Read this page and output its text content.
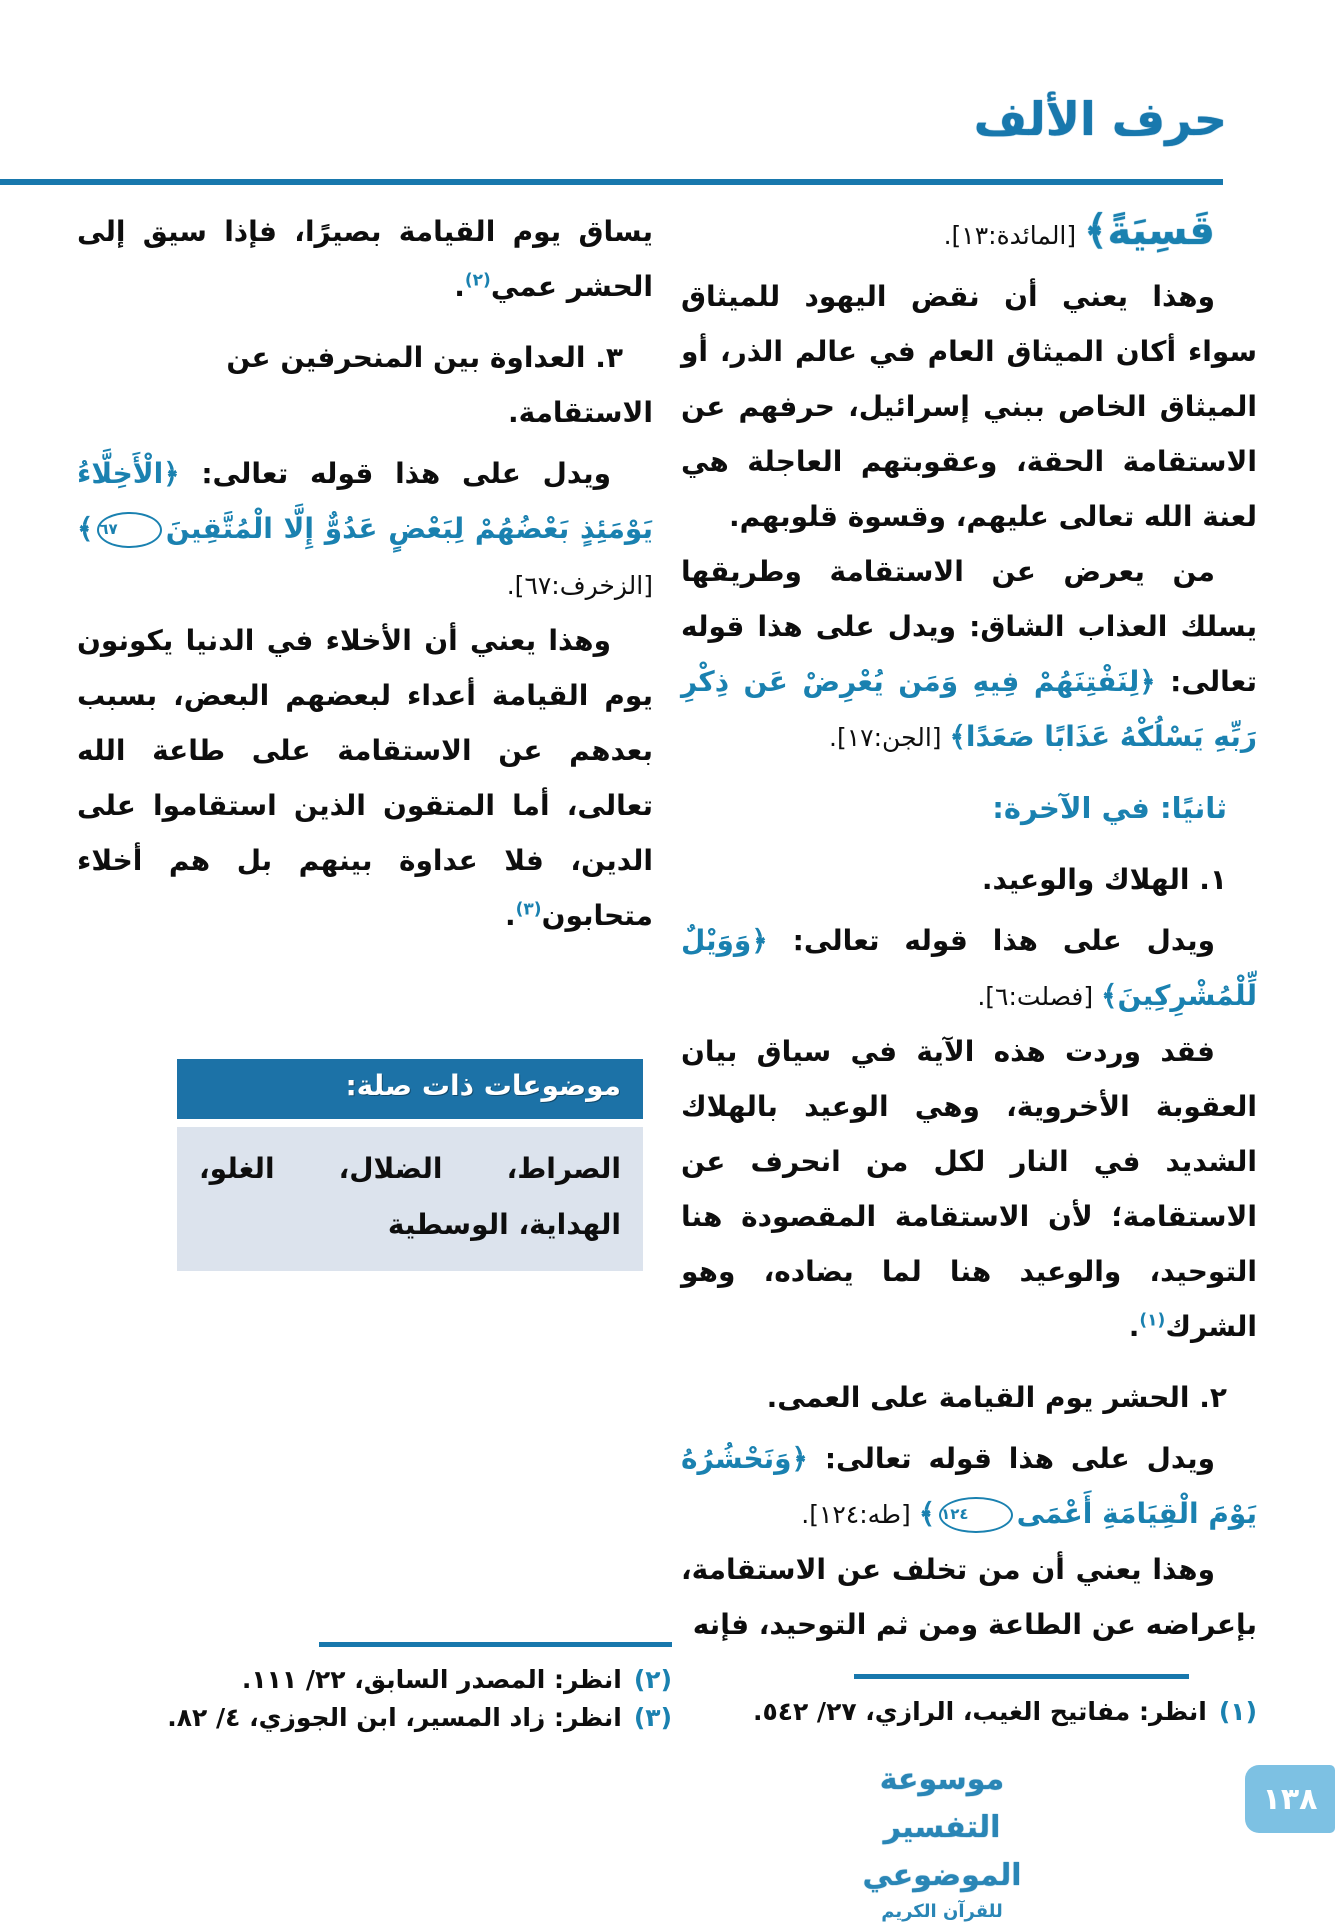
حرف الألف

قَسِيَةً﴾ [المائدة:١٣].

وهذا يعني أن نقض اليهود للميثاق سواء أكان الميثاق العام في عالم الذر، أو الميثاق الخاص ببني إسرائيل، حرفهم عن الاستقامة الحقة، وعقوبتهم العاجلة هي لعنة الله تعالى عليهم، وقسوة قلوبهم.

من يعرض عن الاستقامة وطريقها يسلك العذاب الشاق: ويدل على هذا قوله تعالى: ﴿لِنَفْتِنَهُمْ فِيهِ وَمَن يُعْرِضْ عَن ذِكْرِ رَبِّهِ يَسْلُكْهُ عَذَابًا صَعَدًا﴾ [الجن:١٧].

ثانيًا: في الآخرة:

١. الهلاك والوعيد.

ويدل على هذا قوله تعالى: ﴿وَوَيْلٌ لِّلْمُشْرِكِينَ﴾ [فصلت:٦].

فقد وردت هذه الآية في سياق بيان العقوبة الأخروية، وهي الوعيد بالهلاك الشديد في النار لكل من انحرف عن الاستقامة؛ لأن الاستقامة المقصودة هنا التوحيد، والوعيد هنا لما يضاده، وهو الشرك$^{(١)}$.

٢. الحشر يوم القيامة على العمى.

ويدل على هذا قوله تعالى: ﴿وَنَحْشُرُهُ يَوْمَ الْقِيَامَةِ أَعْمَى١٢٤﴾ [طه:١٢٤].

وهذا يعني أن من تخلف عن الاستقامة، بإعراضه عن الطاعة ومن ثم التوحيد، فإنه

يساق يوم القيامة بصيرًا، فإذا سيق إلى الحشر عمي$^{(٢)}$.

٣. العداوة بين المنحرفين عن الاستقامة.

ويدل على هذا قوله تعالى: ﴿الْأَخِلَّاءُ يَوْمَئِذٍ بَعْضُهُمْ لِبَعْضٍ عَدُوٌّ إِلَّا الْمُتَّقِينَ٦٧﴾ [الزخرف:٦٧].

وهذا يعني أن الأخلاء في الدنيا يكونون يوم القيامة أعداء لبعضهم البعض، بسبب بعدهم عن الاستقامة على طاعة الله تعالى، أما المتقون الذين استقاموا على الدين، فلا عداوة بينهم بل هم أخلاء متحابون$^{(٣)}$.

موضوعات ذات صلة:
الصراط، الضلال، الغلو، الهداية، الوسطية
(١)
انظر: مفاتيح الغيب، الرازي، ٢٧/ ٥٤٢.
(٢)
انظر: المصدر السابق، ٢٢/ ١١١.
(٣)
انظر: زاد المسير، ابن الجوزي، ٤/ ٨٢.
موسوعة التفسير الموضوعي
للقرآن الكريم
١٣٨
